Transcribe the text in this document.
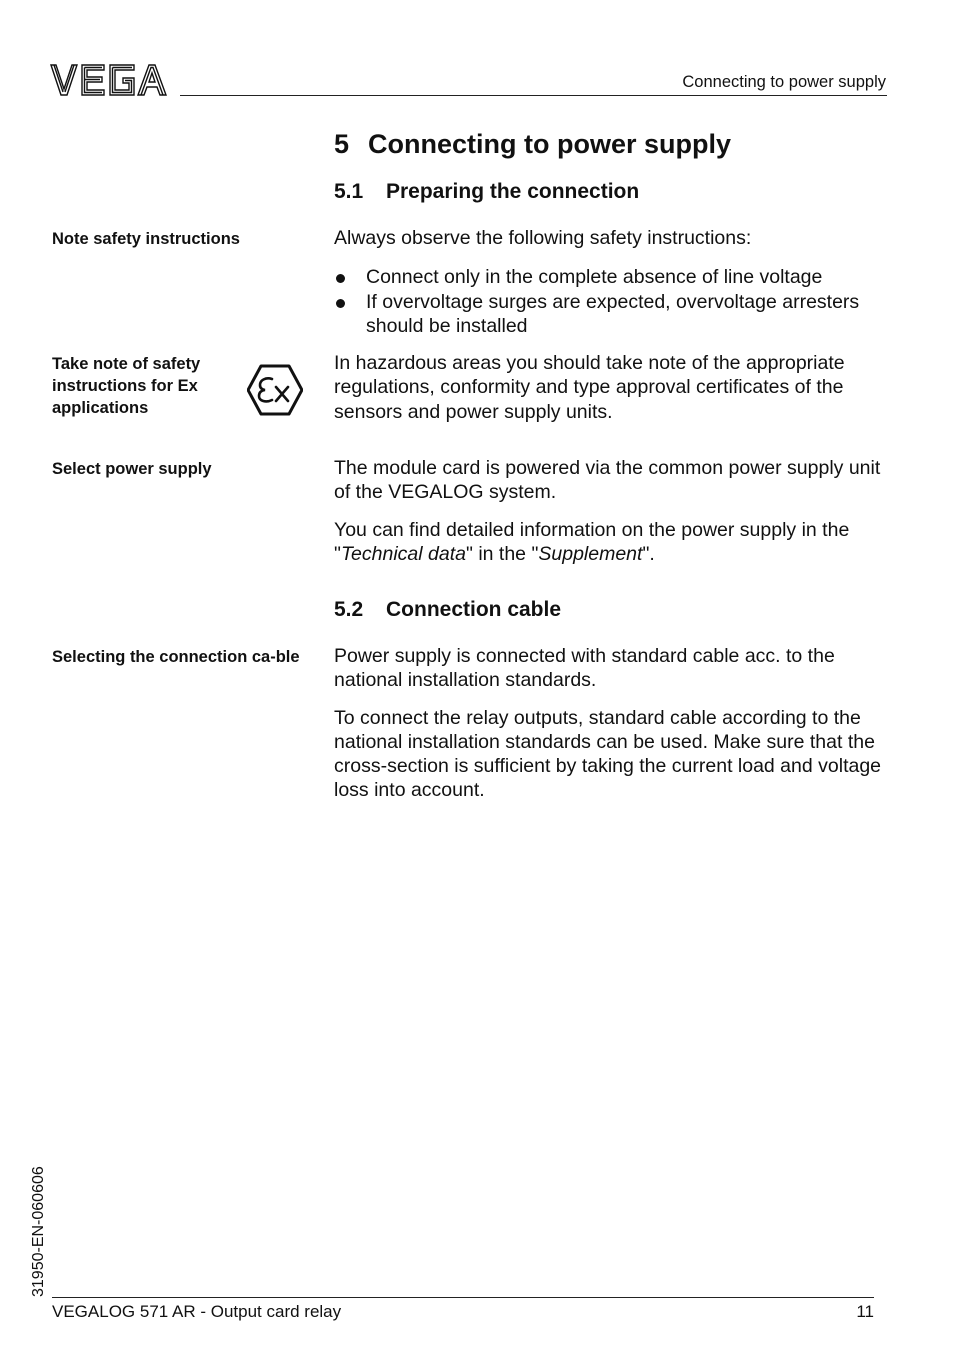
Connecting to power supply
5 Connecting to power supply
5.1 Preparing the connection
Note safety instructions	Always observe the following safety instructions:

Connect only in the complete absence of line voltage
If overvoltage surges are expected, overvoltage arresters should be installed
Take note of safety instructions for Ex applications
In hazardous areas you should take note of the appropriate regulations, conformity and type approval certificates of the sensors and power supply units.
Select power supply	The module card is powered via the common power supply unit of the VEGALOG system.

You can find detailed information on the power supply in the "Technical data" in the "Supplement".

5.2 Connection cable
Selecting the connection ca-ble Power supply is connected with standard cable acc. to the national installation standards.

To connect the relay outputs, standard cable according to the national installation standards can be used. Make sure that the cross-section is sufficient by taking the current load and voltage loss into account.

31950-EN-060606
VEGALOG 571 AR - Output card relay	11
